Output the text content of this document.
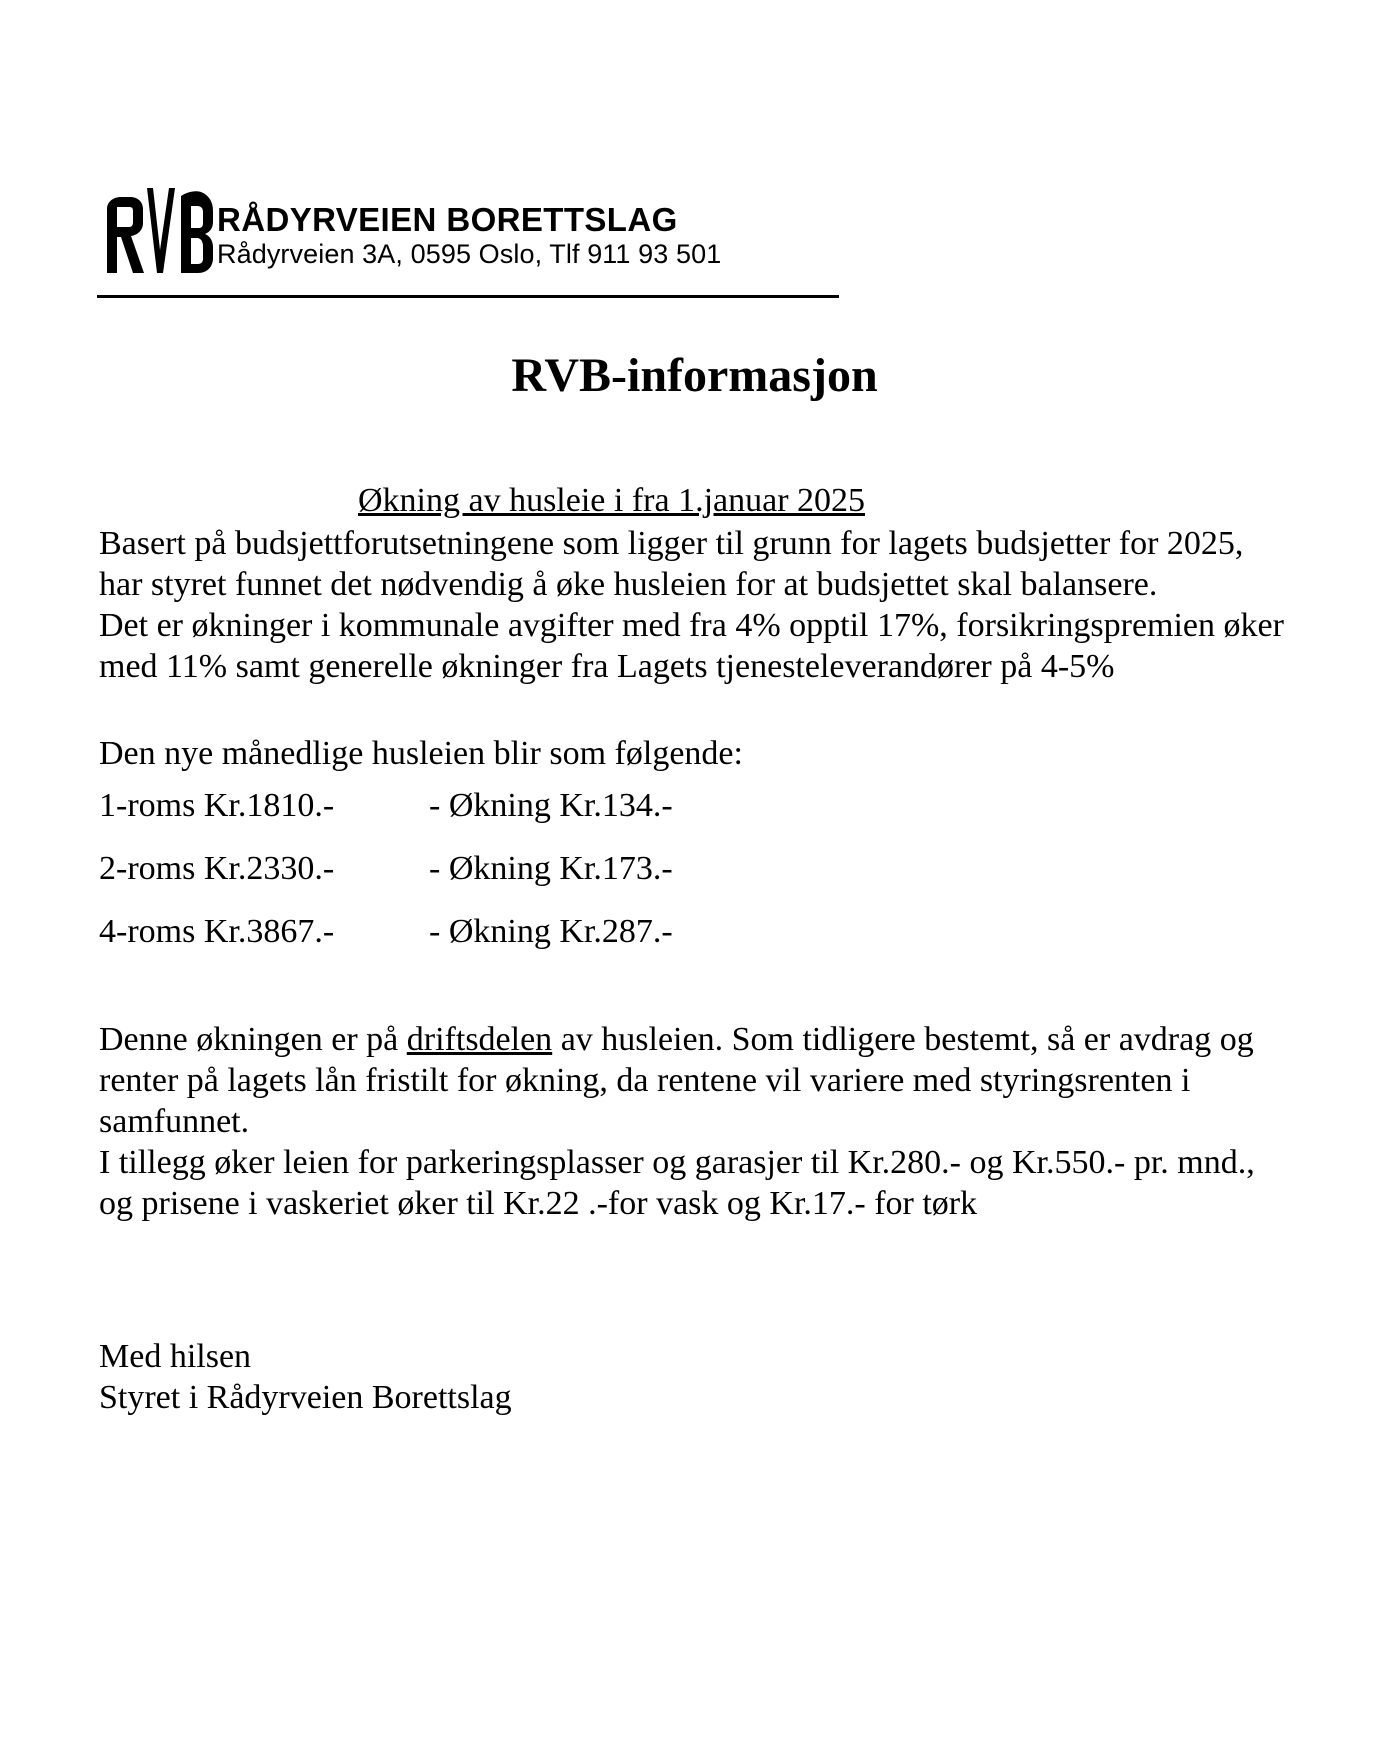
RÅDYRVEIEN BORETTSLAG
Rådyrveien 3A, 0595 Oslo, Tlf 911 93 501
RVB-informasjon
Økning av husleie i fra 1.januar 2025

Basert på budsjettforutsetningene som ligger til grunn for lagets budsjetter for 2025, har styret funnet det nødvendig å øke husleien for at budsjettet skal balansere.

Det er økninger i kommunale avgifter med fra 4% opptil 17%, forsikringspremien øker med 11% samt generelle økninger fra Lagets tjenesteleverandører på 4-5%

Den nye månedlige husleien blir som følgende:

1-roms Kr.1810.-	- Økning Kr.134.-
2-roms Kr.2330.-	- Økning Kr.173.-
4-roms Kr.3867.-	- Økning Kr.287.-

Denne økningen er på driftsdelen av husleien. Som tidligere bestemt, så er avdrag og renter på lagets lån fristilt for økning, da rentene vil variere med styringsrenten i samfunnet.

I tillegg øker leien for parkeringsplasser og garasjer til Kr.280.- og Kr.550.- pr. mnd., og prisene i vaskeriet øker til Kr.22 .-for vask og Kr.17.- for tørk

Med hilsen

Styret i Rådyrveien Borettslag
